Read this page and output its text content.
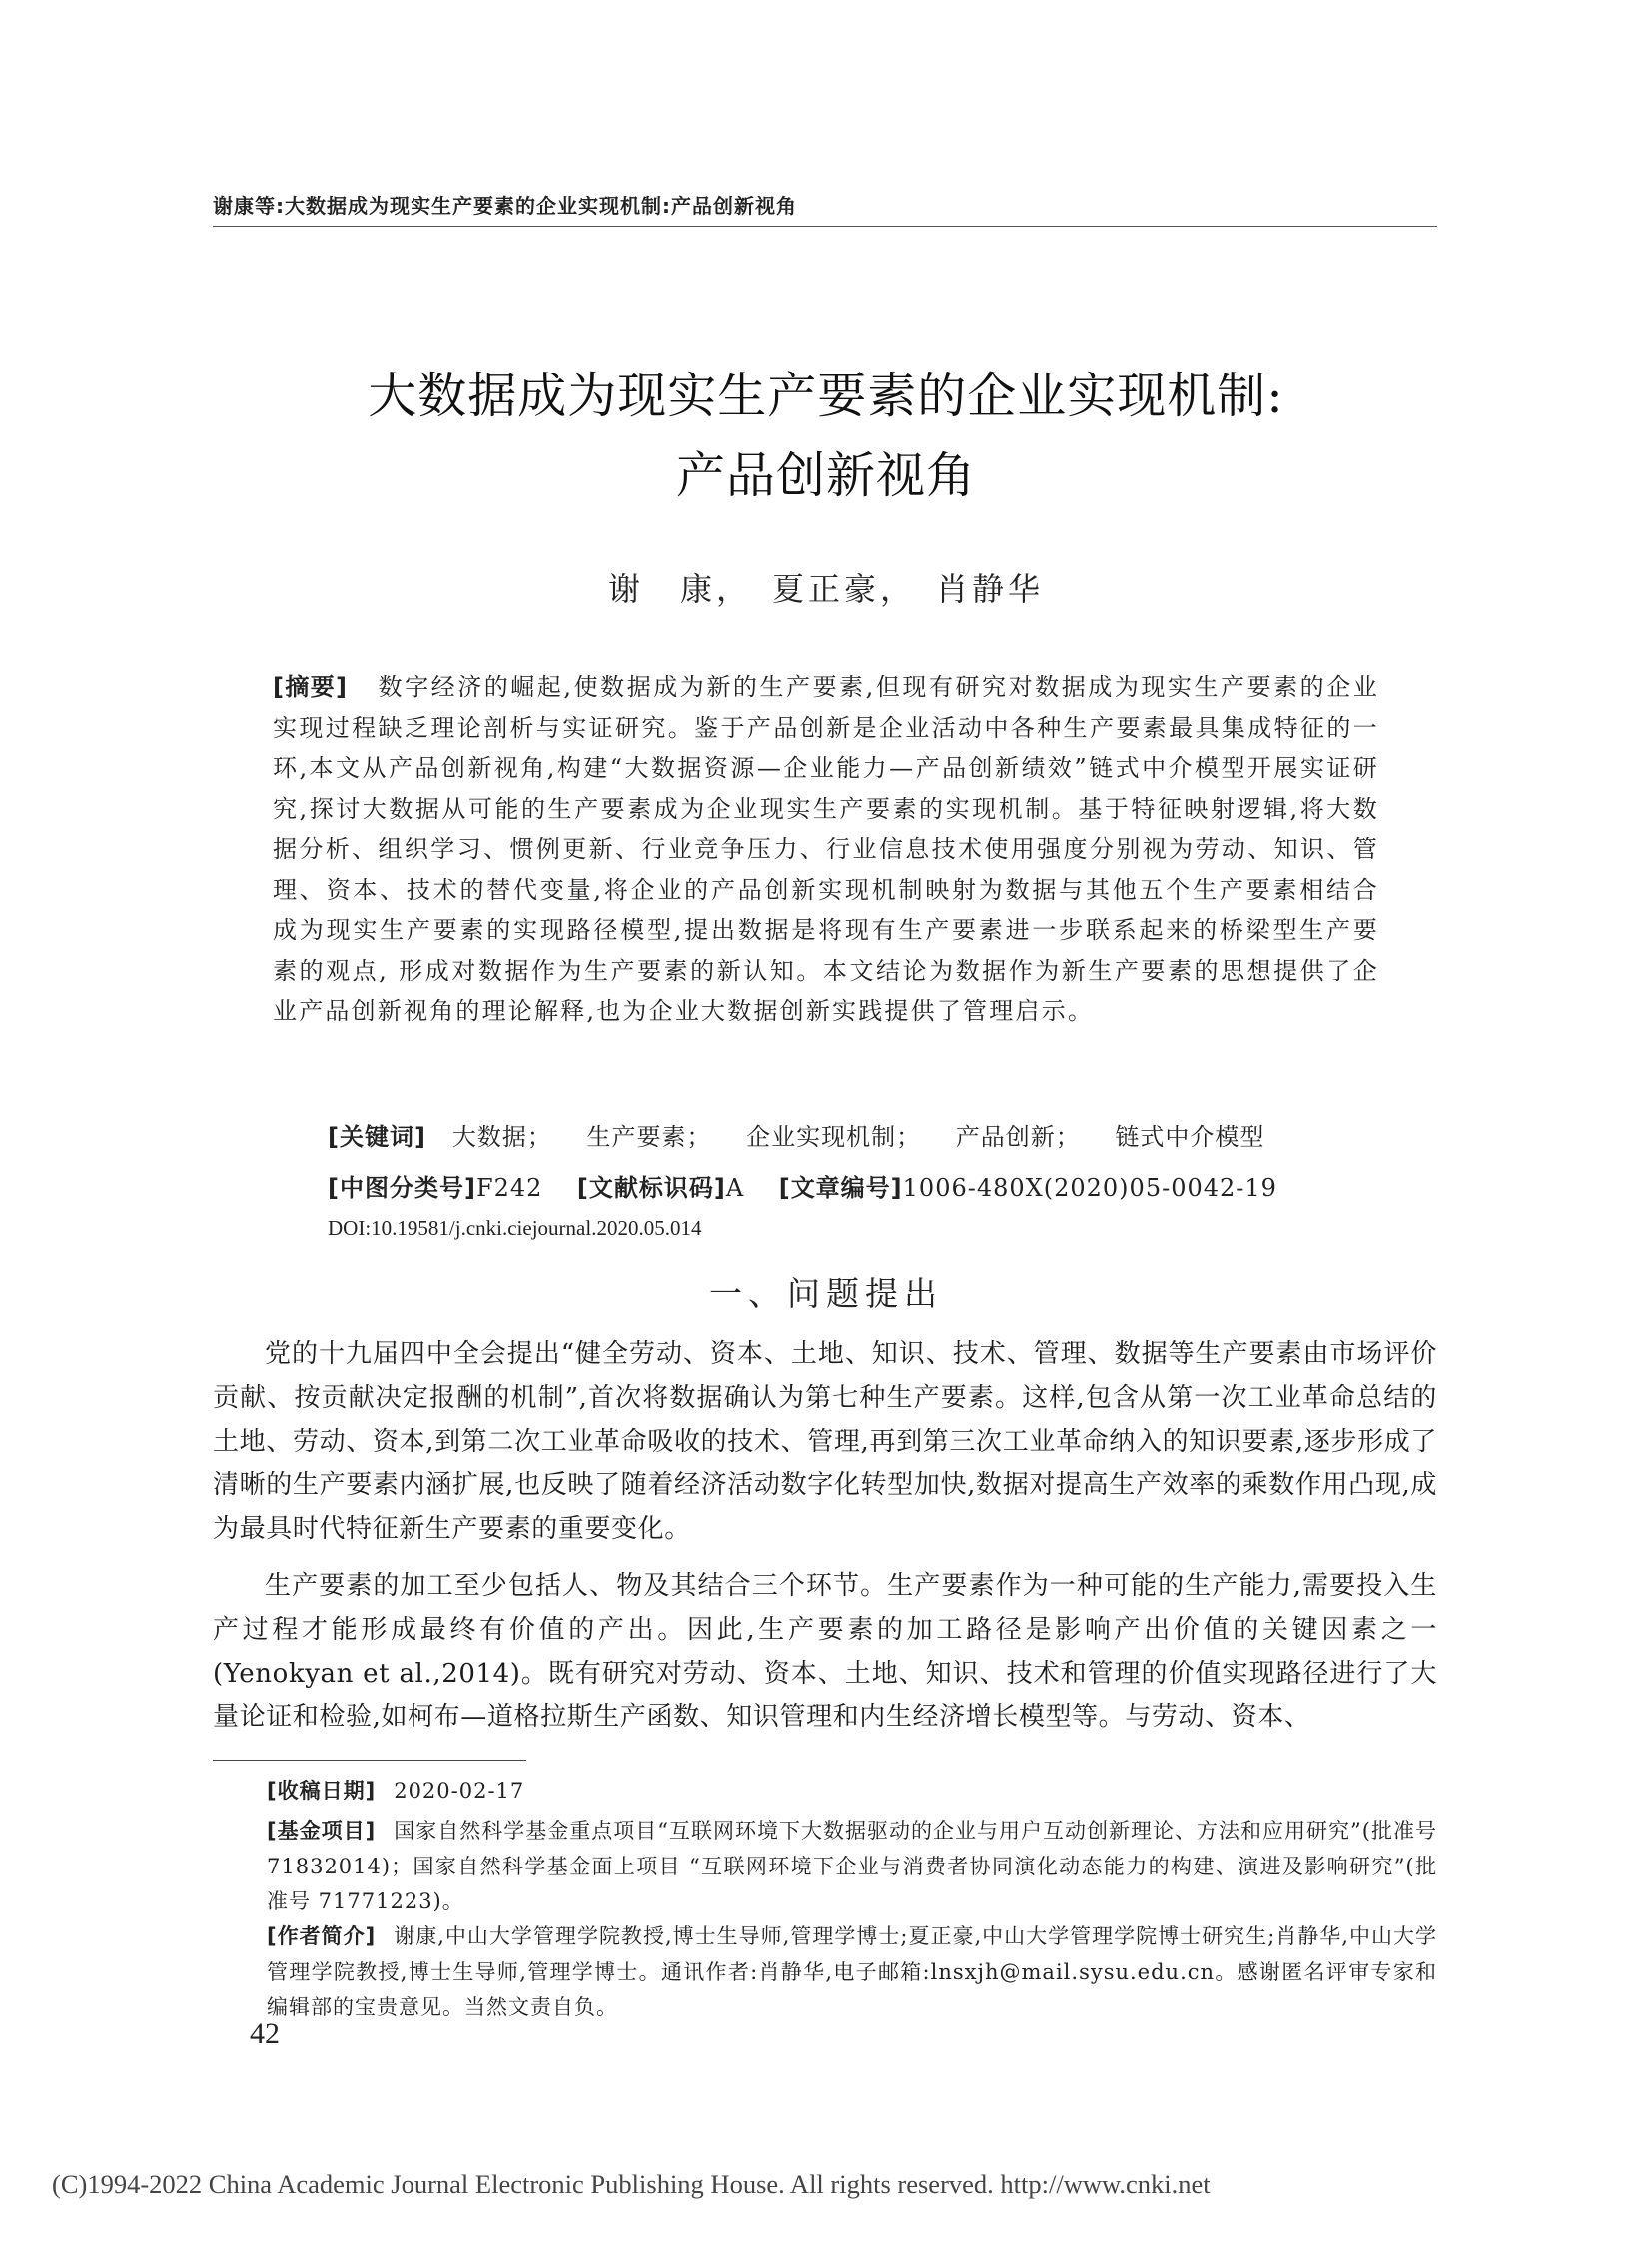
谢康等:大数据成为现实生产要素的企业实现机制:产品创新视角
大数据成为现实生产要素的企业实现机制:
产品创新视角
谢　康，　夏正豪，　肖静华
[摘要] 数字经济的崛起,使数据成为新的生产要素,但现有研究对数据成为现实生产要素的企业实现过程缺乏理论剖析与实证研究。鉴于产品创新是企业活动中各种生产要素最具集成特征的一环,本文从产品创新视角,构建“大数据资源—企业能力—产品创新绩效”链式中介模型开展实证研究,探讨大数据从可能的生产要素成为企业现实生产要素的实现机制。基于特征映射逻辑,将大数据分析、组织学习、惯例更新、行业竞争压力、行业信息技术使用强度分别视为劳动、知识、管理、资本、技术的替代变量,将企业的产品创新实现机制映射为数据与其他五个生产要素相结合成为现实生产要素的实现路径模型,提出数据是将现有生产要素进一步联系起来的桥梁型生产要素的观点, 形成对数据作为生产要素的新认知。本文结论为数据作为新生产要素的思想提供了企业产品创新视角的理论解释,也为企业大数据创新实践提供了管理启示。
[关键词] 大数据； 生产要素； 企业实现机制； 产品创新； 链式中介模型
[中图分类号]F242 [文献标识码]A [文章编号]1006-480X(2020)05-0042-19
DOI:10.19581/j.cnki.ciejournal.2020.05.014
一、问题提出
党的十九届四中全会提出“健全劳动、资本、土地、知识、技术、管理、数据等生产要素由市场评价贡献、按贡献决定报酬的机制”,首次将数据确认为第七种生产要素。这样,包含从第一次工业革命总结的土地、劳动、资本,到第二次工业革命吸收的技术、管理,再到第三次工业革命纳入的知识要素,逐步形成了清晰的生产要素内涵扩展,也反映了随着经济活动数字化转型加快,数据对提高生产效率的乘数作用凸现,成为最具时代特征新生产要素的重要变化。
生产要素的加工至少包括人、物及其结合三个环节。生产要素作为一种可能的生产能力,需要投入生产过程才能形成最终有价值的产出。因此,生产要素的加工路径是影响产出价值的关键因素之一(Yenokyan et al.,2014)。既有研究对劳动、资本、土地、知识、技术和管理的价值实现路径进行了大量论证和检验,如柯布—道格拉斯生产函数、知识管理和内生经济增长模型等。与劳动、资本、
[收稿日期] 2020-02-17
[基金项目] 国家自然科学基金重点项目“互联网环境下大数据驱动的企业与用户互动创新理论、方法和应用研究”(批准号 71832014)；国家自然科学基金面上项目 “互联网环境下企业与消费者协同演化动态能力的构建、演进及影响研究”(批准号 71771223)。
[作者简介] 谢康,中山大学管理学院教授,博士生导师,管理学博士;夏正豪,中山大学管理学院博士研究生;肖静华,中山大学管理学院教授,博士生导师,管理学博士。通讯作者:肖静华,电子邮箱:lnsxjh@mail.sysu.edu.cn。感谢匿名评审专家和编辑部的宝贵意见。当然文责自负。
42
(C)1994-2022 China Academic Journal Electronic Publishing House. All rights reserved. http://www.cnki.net
